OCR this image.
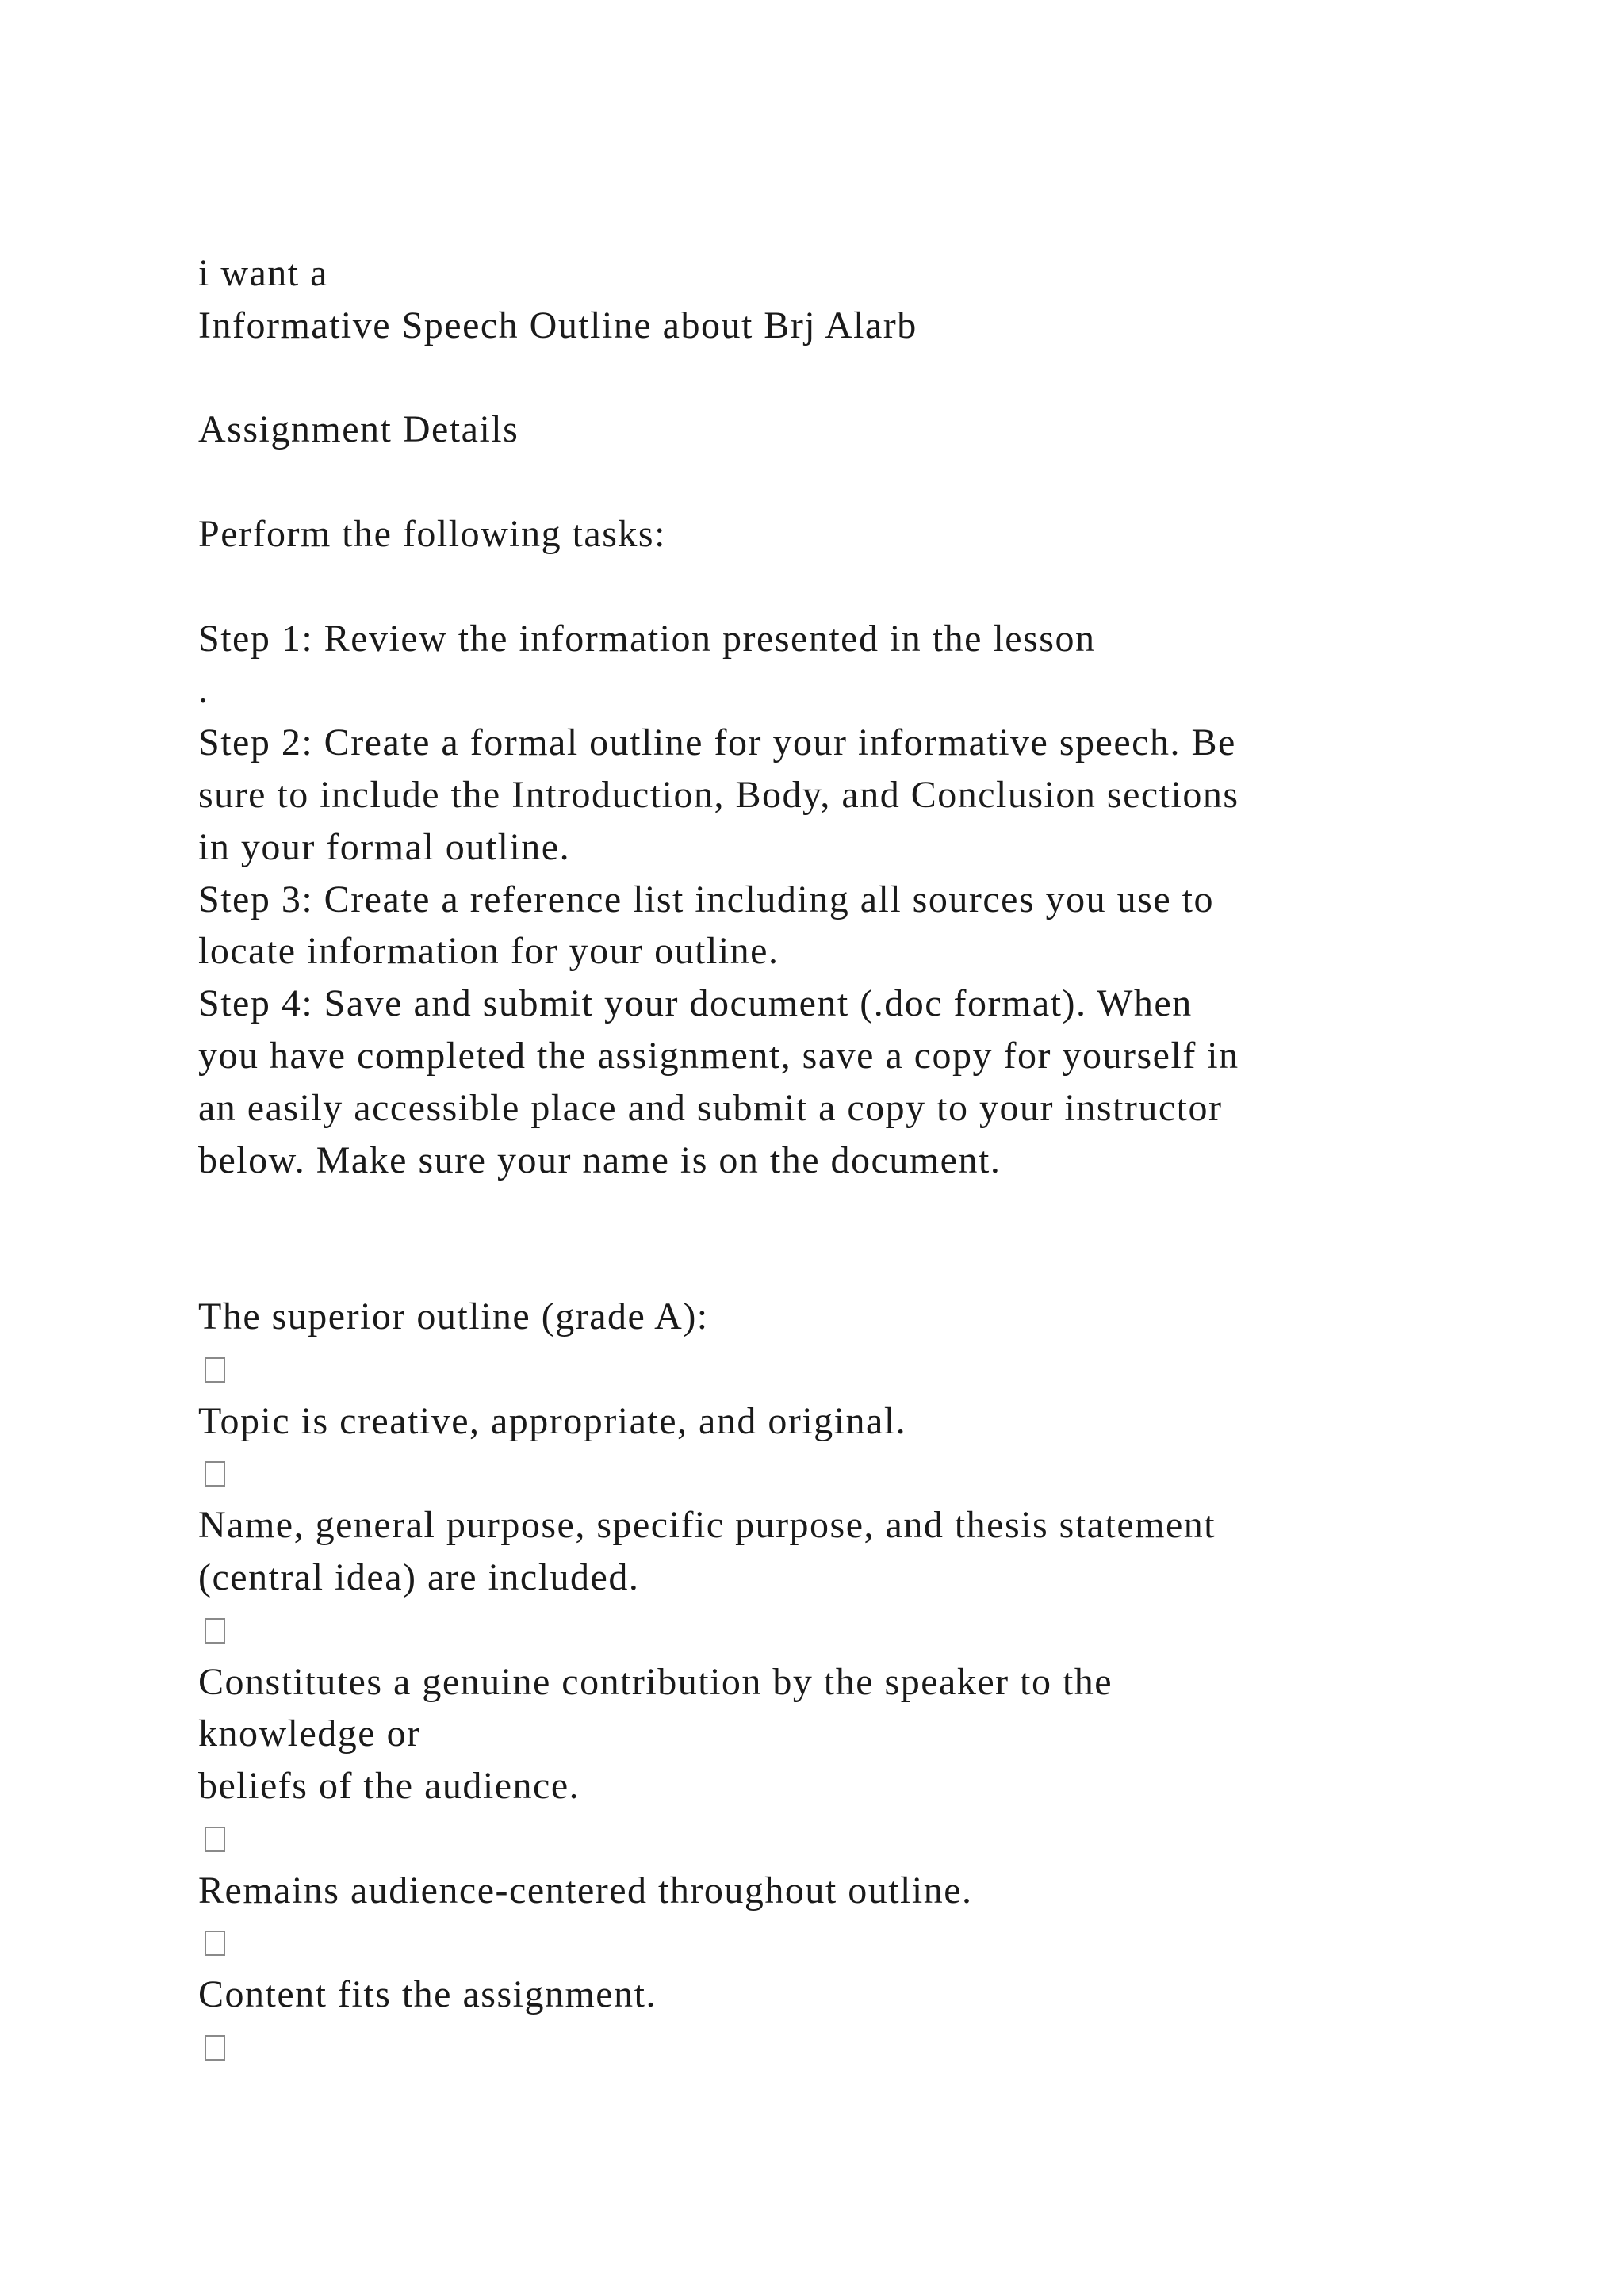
i want a
Informative Speech Outline about Brj Alarb
Assignment Details
Perform the following tasks:
Step 1: Review the information presented in the lesson
.
Step 2: Create a formal outline for your informative speech. Be
sure to include the Introduction, Body, and Conclusion sections
in your formal outline.
Step 3: Create a reference list including all sources you use to
locate information for your outline.
Step 4: Save and submit your document (.doc format). When
you have completed the assignment, save a copy for yourself in
an easily accessible place and submit a copy to your instructor
below. Make sure your name is on the document.
The superior outline (grade A):
Topic is creative, appropriate, and original.
Name, general purpose, specific purpose, and thesis statement
(central idea) are included.
Constitutes a genuine contribution by the speaker to the
knowledge or
beliefs of the audience.
Remains audience-centered throughout outline.
Content fits the assignment.
